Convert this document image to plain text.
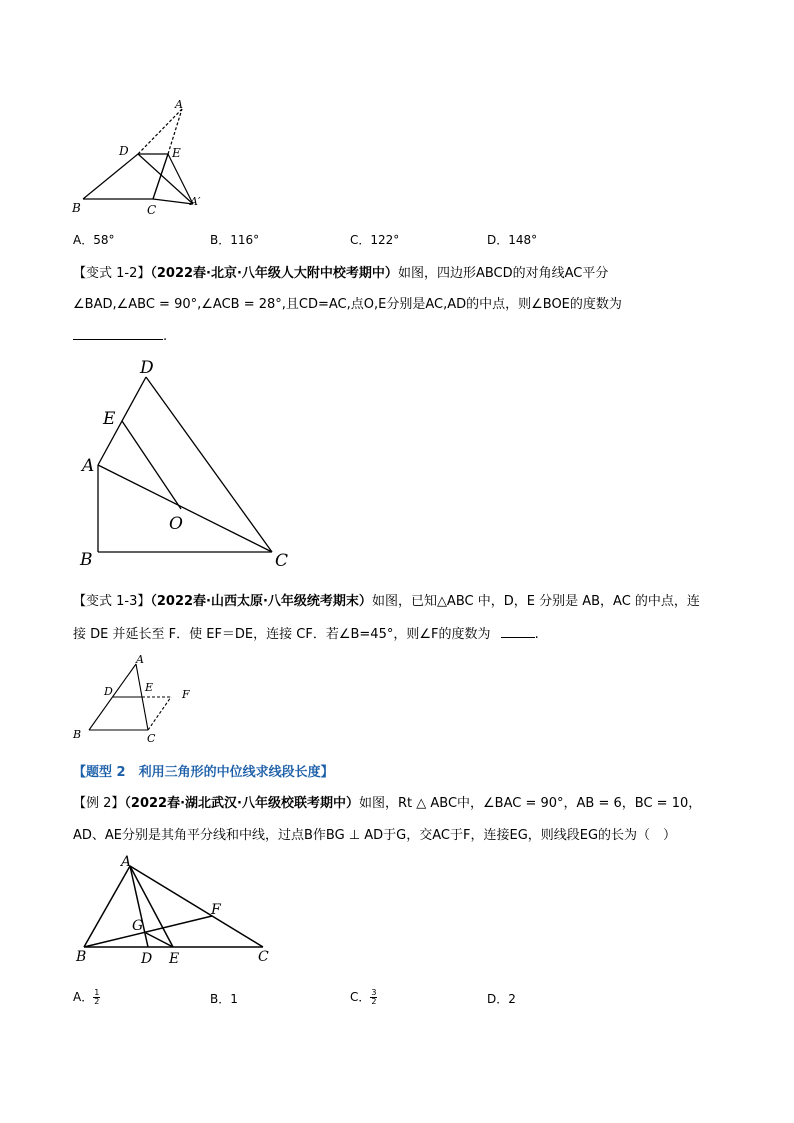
A
D	E
B	C
A′
A．58°	B．116°	C．122°	D．148°
【变式 1-2】（2022春·北京·八年级人大附中校考期中）如图，四边形ABCD的对角线AC平分
∠BAD,∠ABC = 90°,∠ACB = 28°,且CD=AC,点O,E分别是AC,AD的中点，则∠BOE的度数为
.
D
E
A
O
B	C
【变式 1-3】（2022春·山西太原·八年级统考期末）如图，已知△ABC 中，D，E 分别是 AB，AC 的中点，连
接 DE 并延长至 F．使 EF＝DE，连接 CF．若∠B=45°，则∠F的度数为	.
A
D	E
F
B	C
【题型 2　利用三角形的中位线求线段长度】
【例 2】（2022春·湖北武汉·八年级校联考期中）如图，Rt △ ABC中，∠BAC = 90°，AB = 6，BC = 10，
AD、AE分别是其角平分线和中线，过点B作BG ⊥ AD于G，交AC于F，连接EG，则线段EG的长为（　）
A
F
G
B	D E	C
A． $\frac{1}{2}$	B．1	C． $\frac{3}{2}$	D．2
